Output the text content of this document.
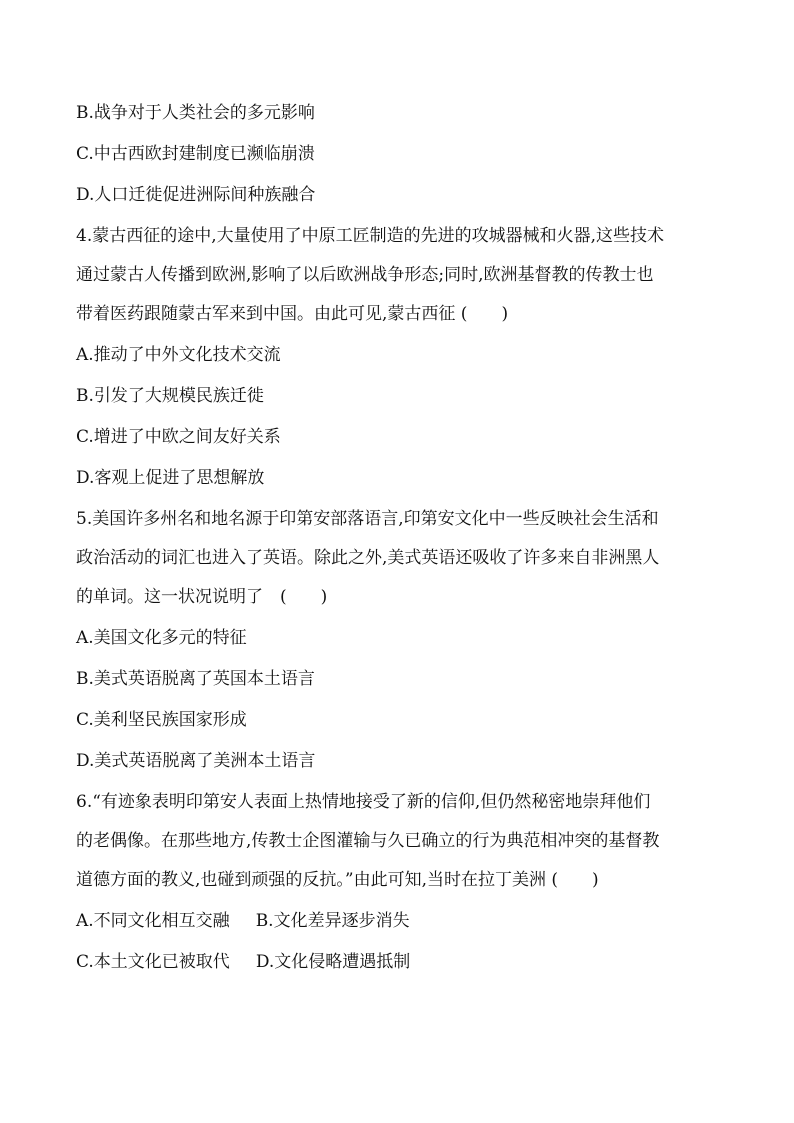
B.战争对于人类社会的多元影响
C.中古西欧封建制度已濒临崩溃
D.人口迁徙促进洲际间种族融合
4.蒙古西征的途中,大量使用了中原工匠制造的先进的攻城器械和火器,这些技术
通过蒙古人传播到欧洲,影响了以后欧洲战争形态;同时,欧洲基督教的传教士也
带着医药跟随蒙古军来到中国。由此可见,蒙古西征 (　　)
A.推动了中外文化技术交流
B.引发了大规模民族迁徙
C.增进了中欧之间友好关系
D.客观上促进了思想解放
5.美国许多州名和地名源于印第安部落语言,印第安文化中一些反映社会生活和
政治活动的词汇也进入了英语。除此之外,美式英语还吸收了许多来自非洲黑人
的单词。这一状况说明了　(　　)
A.美国文化多元的特征
B.美式英语脱离了英国本土语言
C.美利坚民族国家形成
D.美式英语脱离了美洲本土语言
6.“有迹象表明印第安人表面上热情地接受了新的信仰,但仍然秘密地崇拜他们
的老偶像。在那些地方,传教士企图灌输与久已确立的行为典范相冲突的基督教
道德方面的教义,也碰到顽强的反抗。”由此可知,当时在拉丁美洲 (　　)
A.不同文化相互交融 B.文化差异逐步消失
C.本土文化已被取代 D.文化侵略遭遇抵制
